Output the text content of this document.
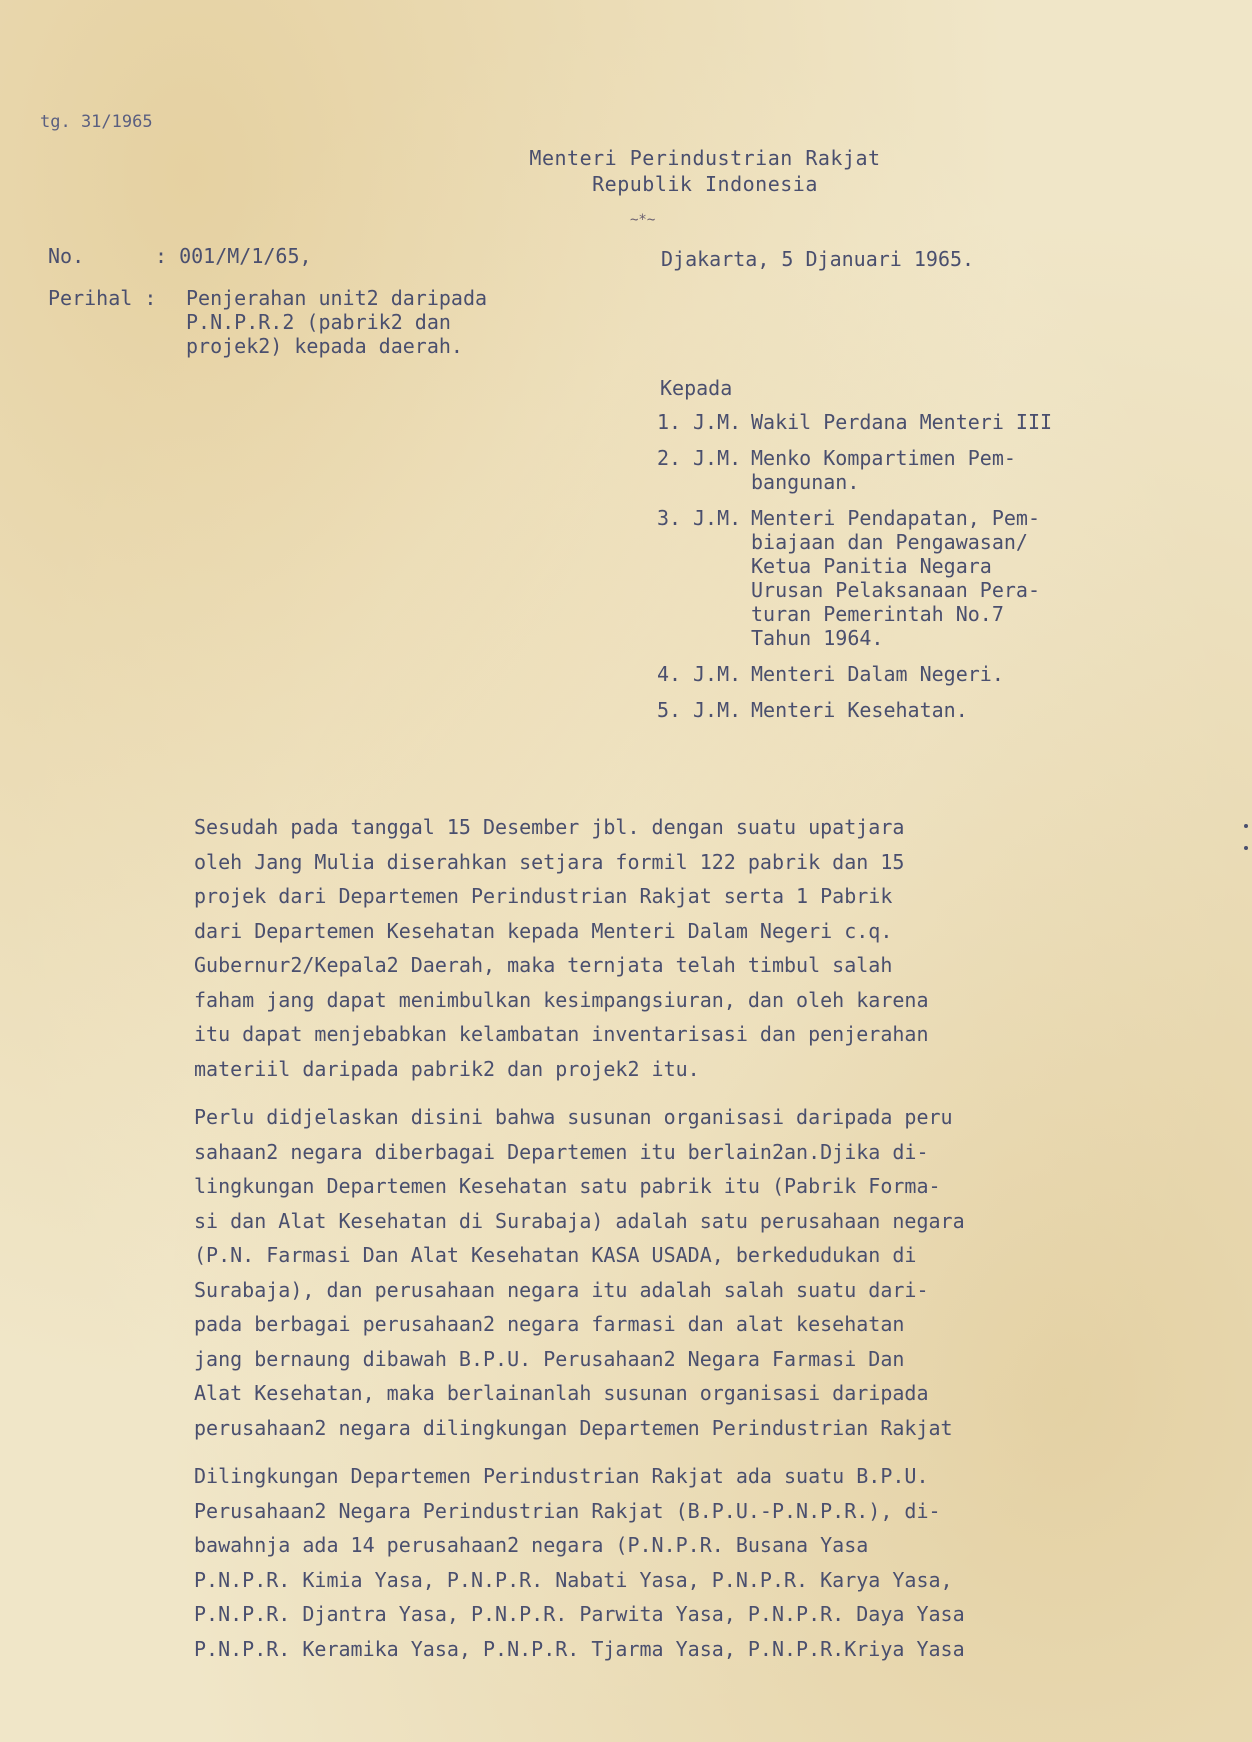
tg. 31/1965
Menteri Perindustrian Rakjat
Republik Indonesia
~*~
No.	: 001/M/1/65,	Djakarta, 5 Djanuari 1965.
Perihal : Penjerahan unit2 daripada
P.N.P.R.2 (pabrik2 dan
projek2) kepada daerah.
Kepada
1. J.M. Wakil Perdana Menteri III
2. J.M. Menko Kompartimen Pem-
bangunan.
3. J.M. Menteri Pendapatan, Pem-
biajaan dan Pengawasan/
Ketua Panitia Negara
Urusan Pelaksanaan Pera-
turan Pemerintah No.7
Tahun 1964.
4. J.M. Menteri Dalam Negeri.
5. J.M. Menteri Kesehatan.
Sesudah pada tanggal 15 Desember jbl. dengan suatu upatjara
oleh Jang Mulia diserahkan setjara formil 122 pabrik dan 15
projek dari Departemen Perindustrian Rakjat serta 1 Pabrik
dari Departemen Kesehatan kepada Menteri Dalam Negeri c.q.
Gubernur2/Kepala2 Daerah, maka ternjata telah timbul salah
faham jang dapat menimbulkan kesimpangsiuran, dan oleh karena
itu dapat menjebabkan kelambatan inventarisasi dan penjerahan
materiil daripada pabrik2 dan projek2 itu.
Perlu didjelaskan disini bahwa susunan organisasi daripada peru
sahaan2 negara diberbagai Departemen itu berlain2an.Djika di-
lingkungan Departemen Kesehatan satu pabrik itu (Pabrik Forma-
si dan Alat Kesehatan di Surabaja) adalah satu perusahaan negara
(P.N. Farmasi Dan Alat Kesehatan KASA USADA, berkedudukan di
Surabaja), dan perusahaan negara itu adalah salah suatu dari-
pada berbagai perusahaan2 negara farmasi dan alat kesehatan
jang bernaung dibawah B.P.U. Perusahaan2 Negara Farmasi Dan
Alat Kesehatan, maka berlainanlah susunan organisasi daripada
perusahaan2 negara dilingkungan Departemen Perindustrian Rakjat
Dilingkungan Departemen Perindustrian Rakjat ada suatu B.P.U.
Perusahaan2 Negara Perindustrian Rakjat (B.P.U.-P.N.P.R.), di-
bawahnja ada 14 perusahaan2 negara (P.N.P.R. Busana Yasa
P.N.P.R. Kimia Yasa, P.N.P.R. Nabati Yasa, P.N.P.R. Karya Yasa,
P.N.P.R. Djantra Yasa, P.N.P.R. Parwita Yasa, P.N.P.R. Daya Yasa
P.N.P.R. Keramika Yasa, P.N.P.R. Tjarma Yasa, P.N.P.R.Kriya Yasa
